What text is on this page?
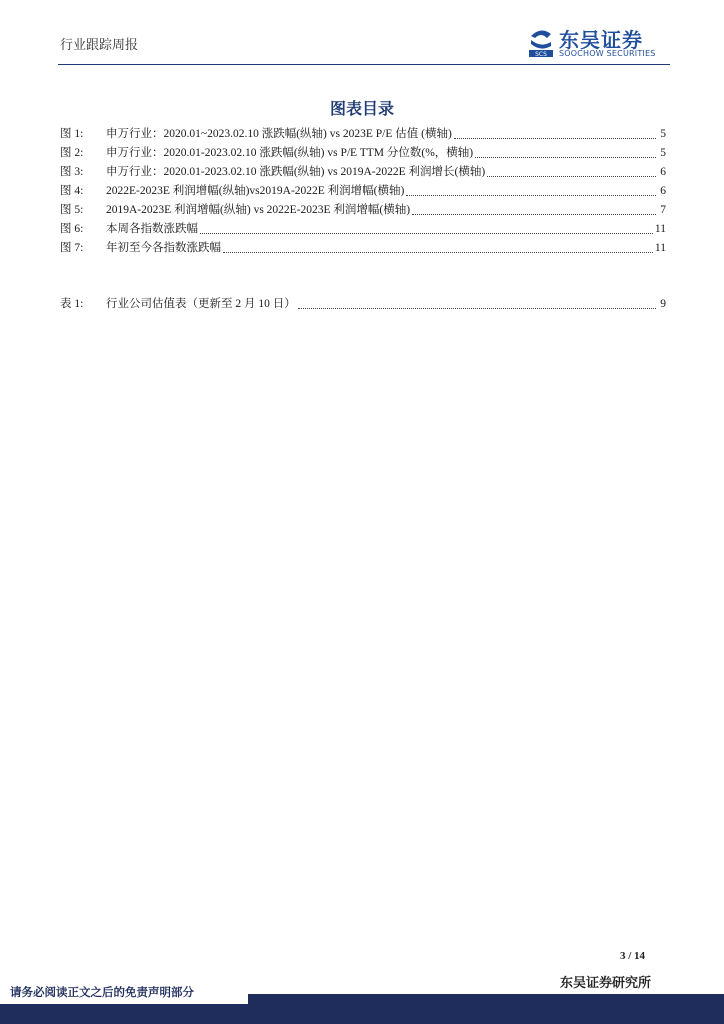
行业跟踪周报
SCS
东吴证券
SOOCHOW SECURITIES
图表目录
图 1:	申万行业：2020.01~2023.02.10 涨跌幅(纵轴) vs 2023E P/E 估值 (横轴)	5
图 2:	申万行业：2020.01-2023.02.10 涨跌幅(纵轴) vs P/E TTM 分位数(%，横轴)	5
图 3:	申万行业：2020.01-2023.02.10 涨跌幅(纵轴) vs 2019A-2022E 利润增长(横轴)	6
图 4:	2022E-2023E 利润增幅(纵轴)vs2019A-2022E 利润增幅(横轴)	6
图 5:	2019A-2023E 利润增幅(纵轴) vs 2022E-2023E 利润增幅(横轴)	7
图 6:	本周各指数涨跌幅	11
图 7:	年初至今各指数涨跌幅	11
表 1:	行业公司估值表（更新至 2 月 10 日）	9
3 / 14
东吴证券研究所
请务必阅读正文之后的免责声明部分
